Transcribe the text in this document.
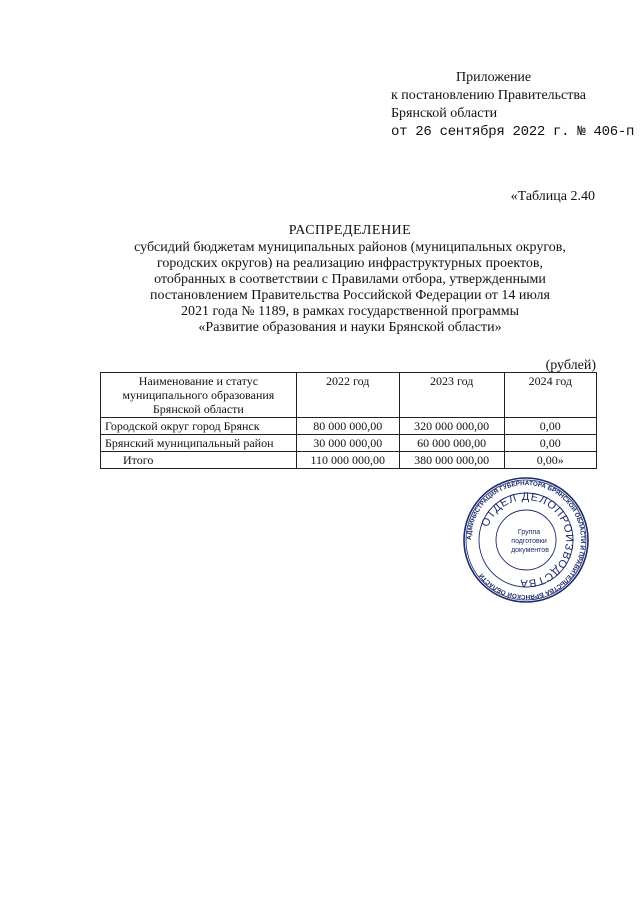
Приложение
к постановлению Правительства
Брянской области
от 26 сентября 2022 г. № 406-п
«Таблица 2.40
РАСПРЕДЕЛЕНИЕ
субсидий бюджетам муниципальных районов (муниципальных округов,
городских округов) на реализацию инфраструктурных проектов,
отобранных в соответствии с Правилами отбора, утвержденными
постановлением Правительства Российской Федерации от 14 июля
2021 года № 1189, в рамках государственной программы
«Развитие образования и науки Брянской области»
(рублей)
Наименование и статус
муниципального образования
Брянской области	2022 год	2023 год	2024 год
Городской округ город Брянск	80 000 000,00	320 000 000,00	0,00
Брянский муниципальный район	30 000 000,00	60 000 000,00	0,00
Итого	110 000 000,00	380 000 000,00	0,00»
АДМИНИСТРАЦИЯ ГУБЕРНАТОРА БРЯНСКОЙ ОБЛАСТИ И ПРАВИТЕЛЬСТВА БРЯНСКОЙ ОБЛАСТИ
ОТДЕЛ ДЕЛОПРОИЗВОДСТВА
Группа подготовки документов
